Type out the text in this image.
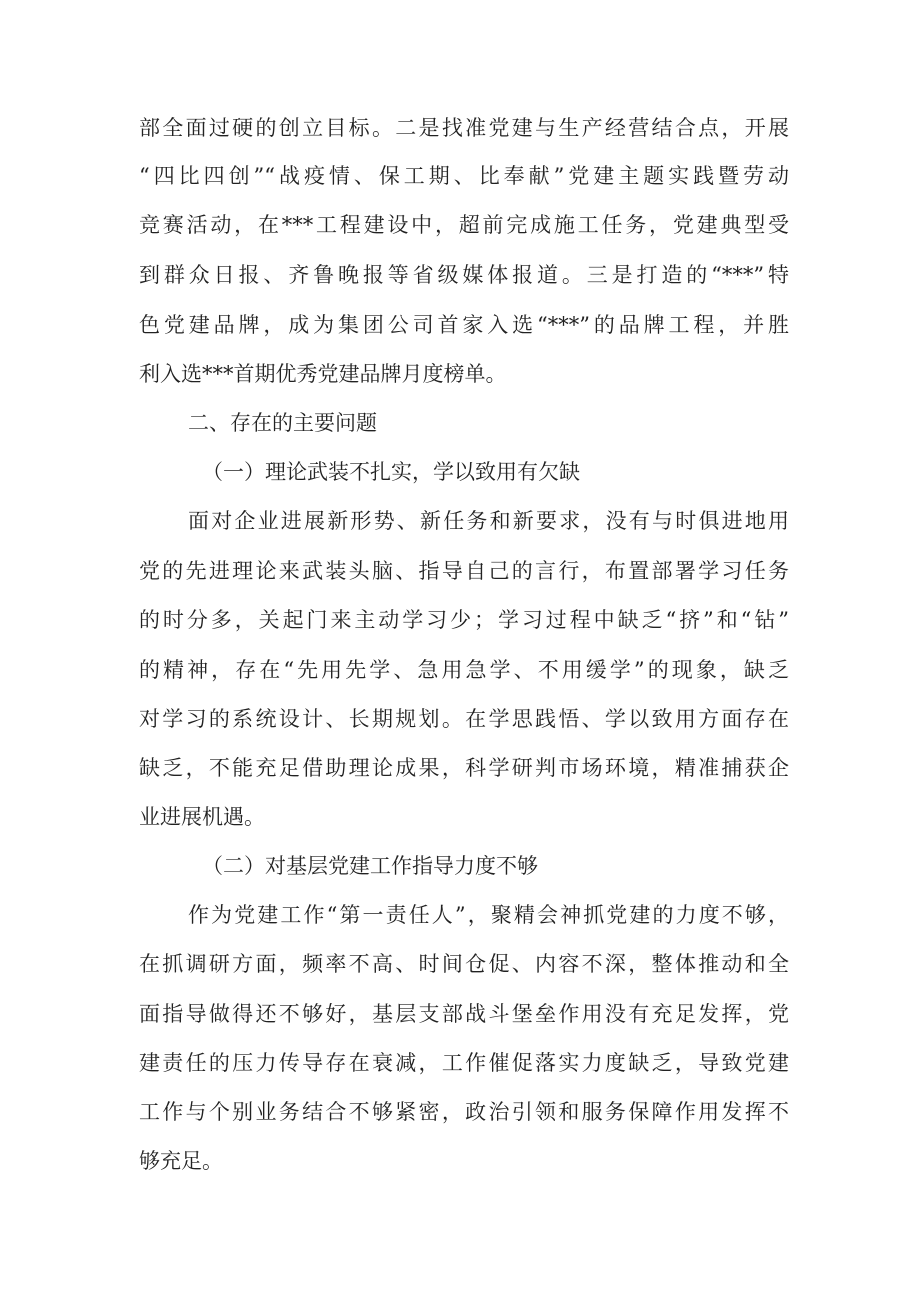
部全面过硬的创立目标。二是找准党建与生产经营结合点，开展
“四比四创”“战疫情、保工期、比奉献”党建主题实践暨劳动
竞赛活动，在***工程建设中，超前完成施工任务，党建典型受
到群众日报、齐鲁晚报等省级媒体报道。三是打造的“***”特
色党建品牌，成为集团公司首家入选“***”的品牌工程，并胜
利入选***首期优秀党建品牌月度榜单。
二、存在的主要问题
（一）理论武装不扎实，学以致用有欠缺
面对企业进展新形势、新任务和新要求，没有与时俱进地用
党的先进理论来武装头脑、指导自己的言行，布置部署学习任务
的时分多，关起门来主动学习少；学习过程中缺乏“挤”和“钻”
的精神，存在“先用先学、急用急学、不用缓学”的现象，缺乏
对学习的系统设计、长期规划。在学思践悟、学以致用方面存在
缺乏，不能充足借助理论成果，科学研判市场环境，精准捕获企
业进展机遇。
（二）对基层党建工作指导力度不够
作为党建工作“第一责任人”，聚精会神抓党建的力度不够，
在抓调研方面，频率不高、时间仓促、内容不深，整体推动和全
面指导做得还不够好，基层支部战斗堡垒作用没有充足发挥，党
建责任的压力传导存在衰减，工作催促落实力度缺乏，导致党建
工作与个别业务结合不够紧密，政治引领和服务保障作用发挥不
够充足。
